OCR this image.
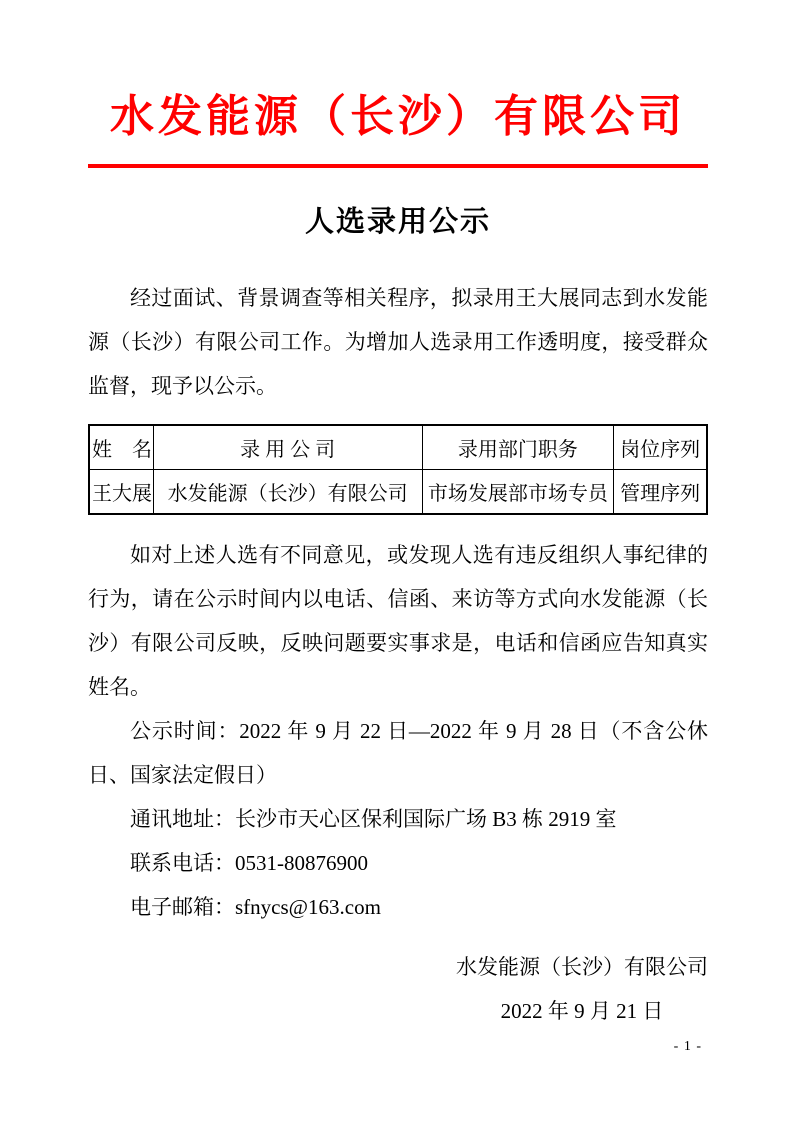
水发能源（长沙）有限公司
人选录用公示

经过面试、背景调查等相关程序，拟录用王大展同志到水发能源（长沙）有限公司工作。为增加人选录用工作透明度，接受群众监督，现予以公示。

姓　名	录 用 公 司	录用部门职务	岗位序列
王大展	水发能源（长沙）有限公司	市场发展部市场专员	管理序列

如对上述人选有不同意见，或发现人选有违反组织人事纪律的行为，请在公示时间内以电话、信函、来访等方式向水发能源（长沙）有限公司反映，反映问题要实事求是，电话和信函应告知真实姓名。

公示时间：2022 年 9 月 22 日—2022 年 9 月 28 日（不含公休日、国家法定假日）

通讯地址：长沙市天心区保利国际广场 B3 栋 2919 室

联系电话：0531-80876900

电子邮箱：sfnycs@163.com

水发能源（长沙）有限公司
2022 年 9 月 21 日
- 1 -
